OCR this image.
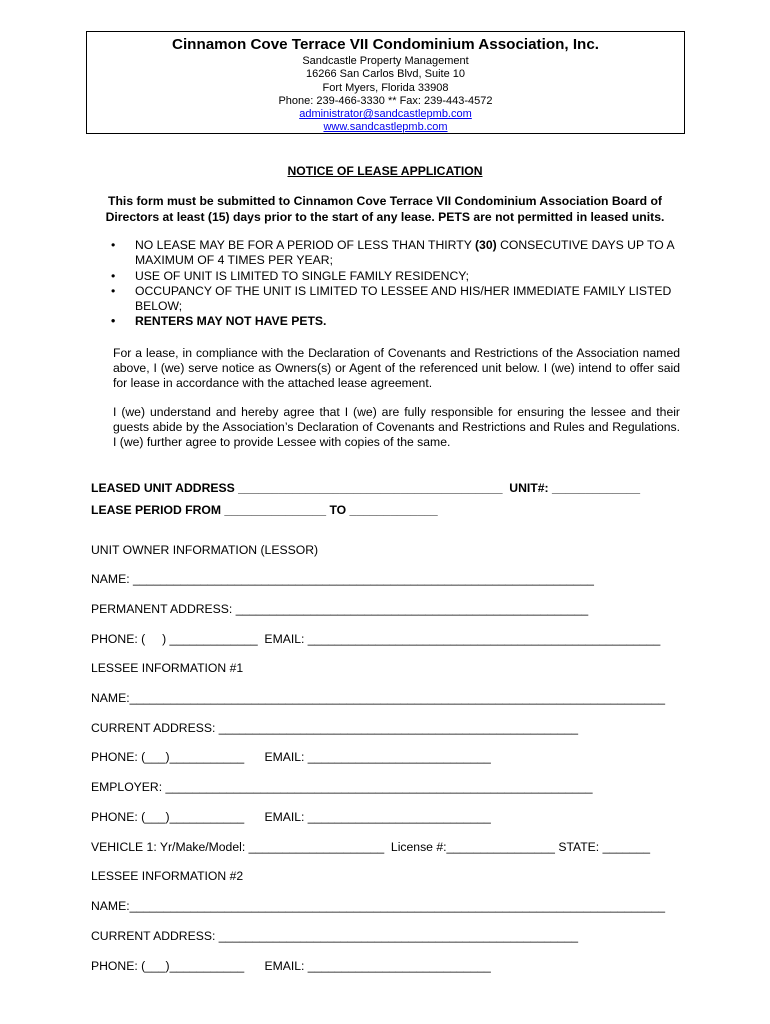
Cinnamon Cove Terrace VII Condominium Association, Inc.
Sandcastle Property Management
16266 San Carlos Blvd, Suite 10
Fort Myers, Florida 33908
Phone: 239-466-3330 ** Fax: 239-443-4572
administrator@sandcastlepmb.com
www.sandcastlepmb.com
NOTICE OF LEASE APPLICATION
This form must be submitted to Cinnamon Cove Terrace VII Condominium Association Board of
Directors at least (15) days prior to the start of any lease. PETS are not permitted in leased units.
• NO LEASE MAY BE FOR A PERIOD OF LESS THAN THIRTY (30) CONSECUTIVE DAYS UP TO A MAXIMUM OF 4 TIMES PER YEAR;
• USE OF UNIT IS LIMITED TO SINGLE FAMILY RESIDENCY;
• OCCUPANCY OF THE UNIT IS LIMITED TO LESSEE AND HIS/HER IMMEDIATE FAMILY LISTED BELOW;
• RENTERS MAY NOT HAVE PETS.
For a lease, in compliance with the Declaration of Covenants and Restrictions of the Association named above, I (we) serve notice as Owners(s) or Agent of the referenced unit below. I (we) intend to offer said for lease in accordance with the attached lease agreement.
I (we) understand and hereby agree that I (we) are fully responsible for ensuring the lessee and their guests abide by the Association’s Declaration of Covenants and Restrictions and Rules and Regulations. I (we) further agree to provide Lessee with copies of the same.
LEASED UNIT ADDRESS _______________________________________  UNIT#: _____________
LEASE PERIOD FROM _______________ TO _____________
UNIT OWNER INFORMATION (LESSOR)
NAME: ____________________________________________________________________
PERMANENT ADDRESS: ____________________________________________________
PHONE: (     ) _____________  EMAIL: ____________________________________________________
LESSEE INFORMATION #1
NAME:_______________________________________________________________________________
CURRENT ADDRESS: _____________________________________________________
PHONE: (___)___________      EMAIL: ___________________________
EMPLOYER: _______________________________________________________________
PHONE: (___)___________      EMAIL: ___________________________
VEHICLE 1: Yr/Make/Model: ____________________  License #:________________ STATE: _______
LESSEE INFORMATION #2
NAME:_______________________________________________________________________________
CURRENT ADDRESS: _____________________________________________________
PHONE: (___)___________      EMAIL: ___________________________
